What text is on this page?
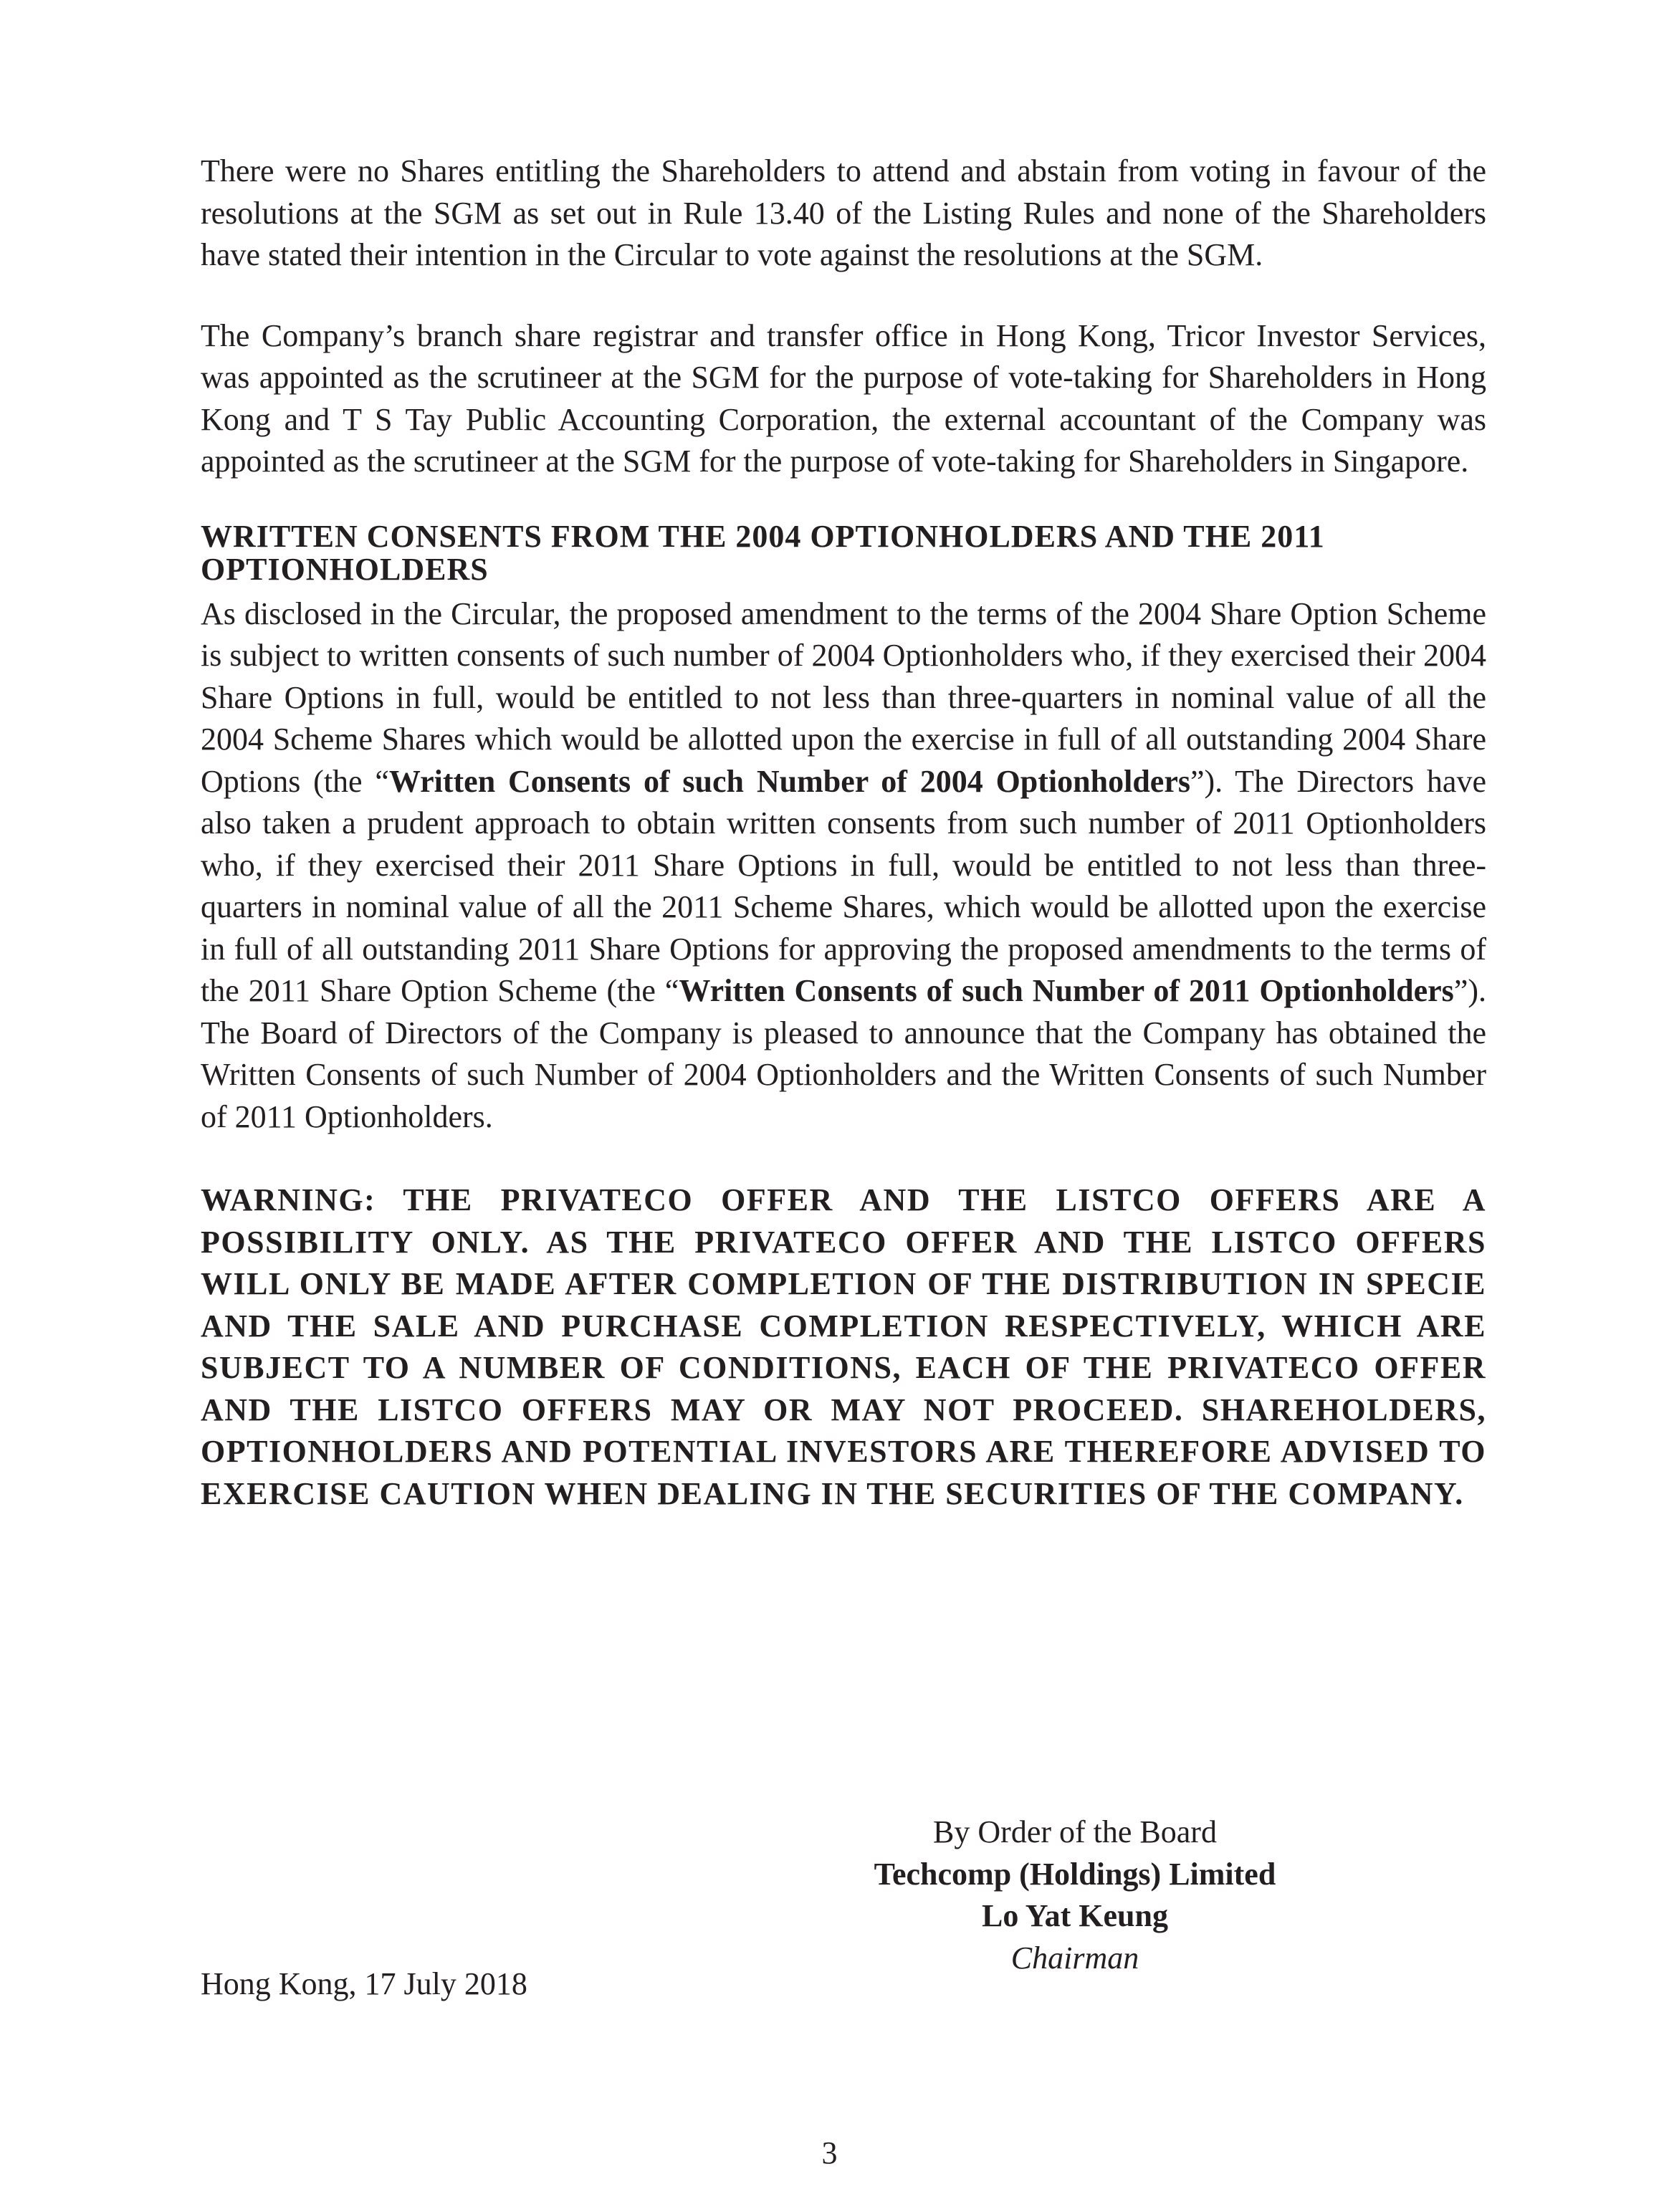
There were no Shares entitling the Shareholders to attend and abstain from voting in favour of the resolutions at the SGM as set out in Rule 13.40 of the Listing Rules and none of the Shareholders have stated their intention in the Circular to vote against the resolutions at the SGM.

The Company’s branch share registrar and transfer office in Hong Kong, Tricor Investor Services, was appointed as the scrutineer at the SGM for the purpose of vote-taking for Shareholders in Hong Kong and T S Tay Public Accounting Corporation, the external accountant of the Company was appointed as the scrutineer at the SGM for the purpose of vote-taking for Shareholders in Singapore.

WRITTEN CONSENTS FROM THE 2004 OPTIONHOLDERS AND THE 2011 OPTIONHOLDERS

As disclosed in the Circular, the proposed amendment to the terms of the 2004 Share Option Scheme is subject to written consents of such number of 2004 Optionholders who, if they exercised their 2004 Share Options in full, would be entitled to not less than three-quarters in nominal value of all the 2004 Scheme Shares which would be allotted upon the exercise in full of all outstanding 2004 Share Options (the “Written Consents of such Number of 2004 Optionholders”). The Directors have also taken a prudent approach to obtain written consents from such number of 2011 Optionholders who, if they exercised their 2011 Share Options in full, would be entitled to not less than three-quarters in nominal value of all the 2011 Scheme Shares, which would be allotted upon the exercise in full of all outstanding 2011 Share Options for approving the proposed amendments to the terms of the 2011 Share Option Scheme (the “Written Consents of such Number of 2011 Optionholders”). The Board of Directors of the Company is pleased to announce that the Company has obtained the Written Consents of such Number of 2004 Optionholders and the Written Consents of such Number of 2011 Optionholders.

WARNING: THE PRIVATECO OFFER AND THE LISTCO OFFERS ARE A POSSIBILITY ONLY. AS THE PRIVATECO OFFER AND THE LISTCO OFFERS WILL ONLY BE MADE AFTER COMPLETION OF THE DISTRIBUTION IN SPECIE AND THE SALE AND PURCHASE COMPLETION RESPECTIVELY, WHICH ARE SUBJECT TO A NUMBER OF CONDITIONS, EACH OF THE PRIVATECO OFFER AND THE LISTCO OFFERS MAY OR MAY NOT PROCEED. SHAREHOLDERS, OPTIONHOLDERS AND POTENTIAL INVESTORS ARE THEREFORE ADVISED TO EXERCISE CAUTION WHEN DEALING IN THE SECURITIES OF THE COMPANY.

By Order of the Board
Techcomp (Holdings) Limited
Lo Yat Keung
Chairman
Hong Kong, 17 July 2018
3
